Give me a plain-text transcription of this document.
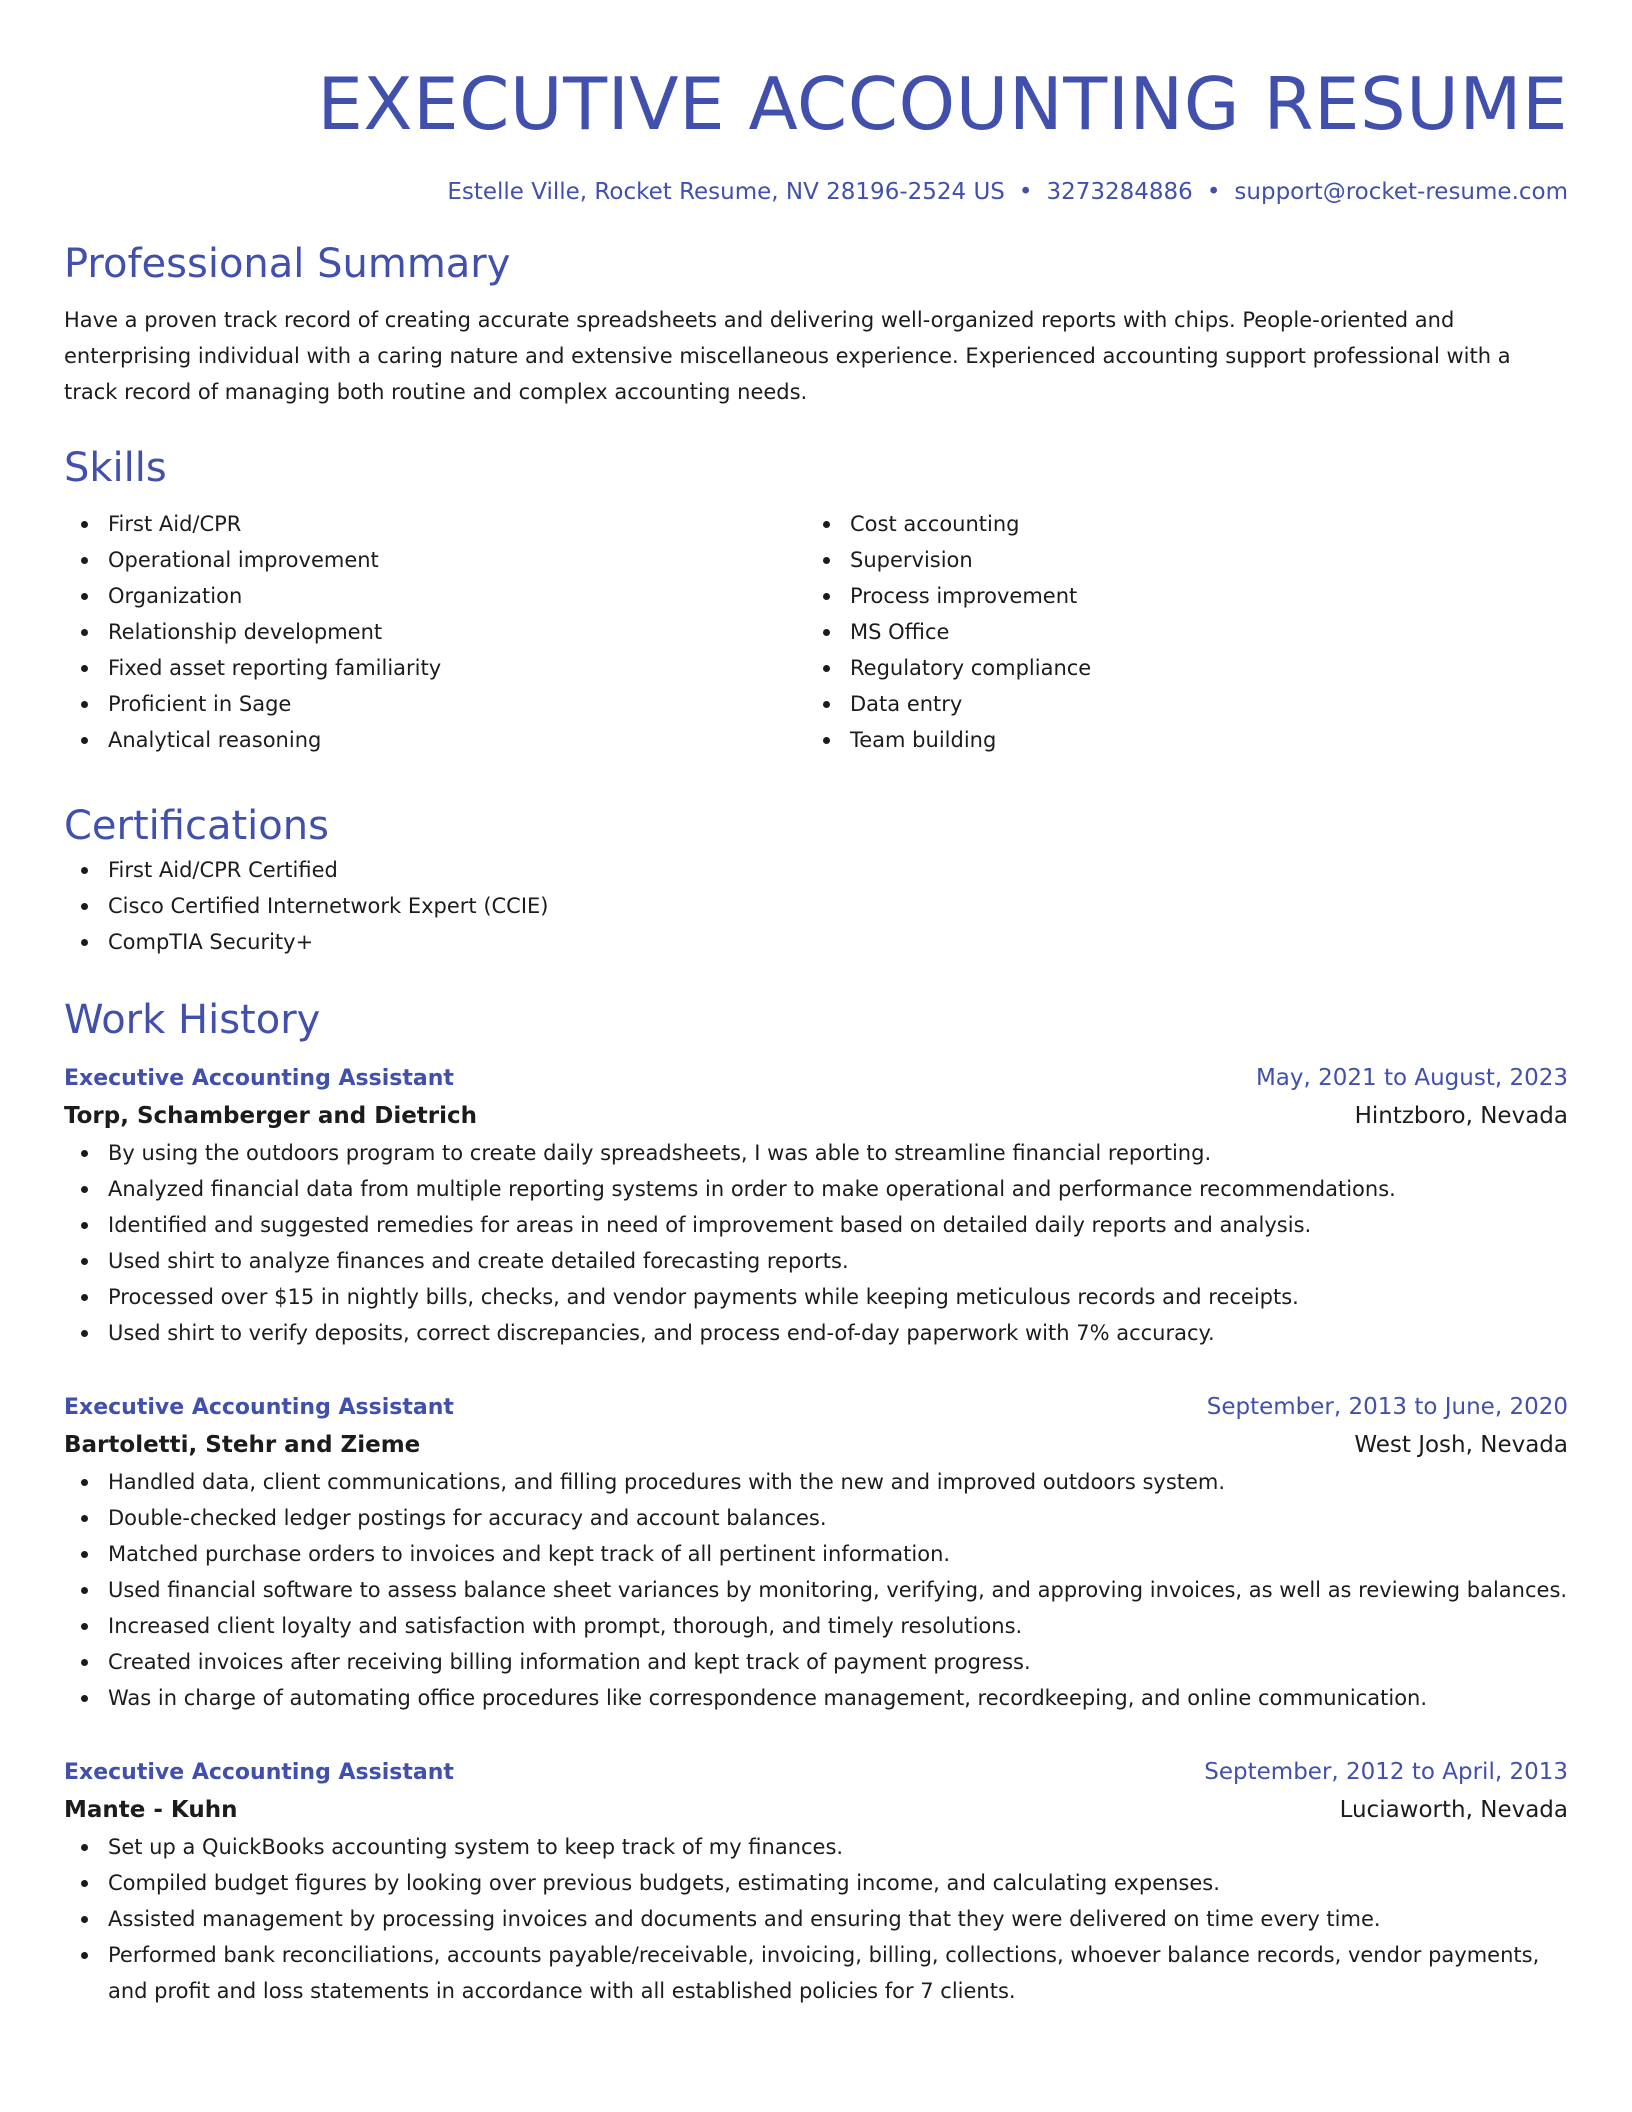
EXECUTIVE ACCOUNTING RESUME
Estelle Ville, Rocket Resume, NV 28196-2524 US • 3273284886 • support@rocket-resume.com
Professional Summary

Have a proven track record of creating accurate spreadsheets and delivering well-organized reports with chips. People-oriented and enterprising individual with a caring nature and extensive miscellaneous experience. Experienced accounting support professional with a track record of managing both routine and complex accounting needs.

Skills
First Aid/CPR
Operational improvement
Organization
Relationship development
Fixed asset reporting familiarity
Proficient in Sage
Analytical reasoning
Cost accounting
Supervision
Process improvement
MS Office
Regulatory compliance
Data entry
Team building
Certifications
First Aid/CPR Certified
Cisco Certified Internetwork Expert (CCIE)
CompTIA Security+
Work History
Executive Accounting Assistant	May, 2021 to August, 2023
Torp, Schamberger and Dietrich	Hintzboro, Nevada
By using the outdoors program to create daily spreadsheets, I was able to streamline financial reporting.
Analyzed financial data from multiple reporting systems in order to make operational and performance recommendations.
Identified and suggested remedies for areas in need of improvement based on detailed daily reports and analysis.
Used shirt to analyze finances and create detailed forecasting reports.
Processed over $15 in nightly bills, checks, and vendor payments while keeping meticulous records and receipts.
Used shirt to verify deposits, correct discrepancies, and process end-of-day paperwork with 7% accuracy.
Executive Accounting Assistant	September, 2013 to June, 2020
Bartoletti, Stehr and Zieme	West Josh, Nevada
Handled data, client communications, and filling procedures with the new and improved outdoors system.
Double-checked ledger postings for accuracy and account balances.
Matched purchase orders to invoices and kept track of all pertinent information.
Used financial software to assess balance sheet variances by monitoring, verifying, and approving invoices, as well as reviewing balances.
Increased client loyalty and satisfaction with prompt, thorough, and timely resolutions.
Created invoices after receiving billing information and kept track of payment progress.
Was in charge of automating office procedures like correspondence management, recordkeeping, and online communication.
Executive Accounting Assistant	September, 2012 to April, 2013
Mante - Kuhn	Luciaworth, Nevada
Set up a QuickBooks accounting system to keep track of my finances.
Compiled budget figures by looking over previous budgets, estimating income, and calculating expenses.
Assisted management by processing invoices and documents and ensuring that they were delivered on time every time.
Performed bank reconciliations, accounts payable/receivable, invoicing, billing, collections, whoever balance records, vendor payments, and profit and loss statements in accordance with all established policies for 7 clients.
